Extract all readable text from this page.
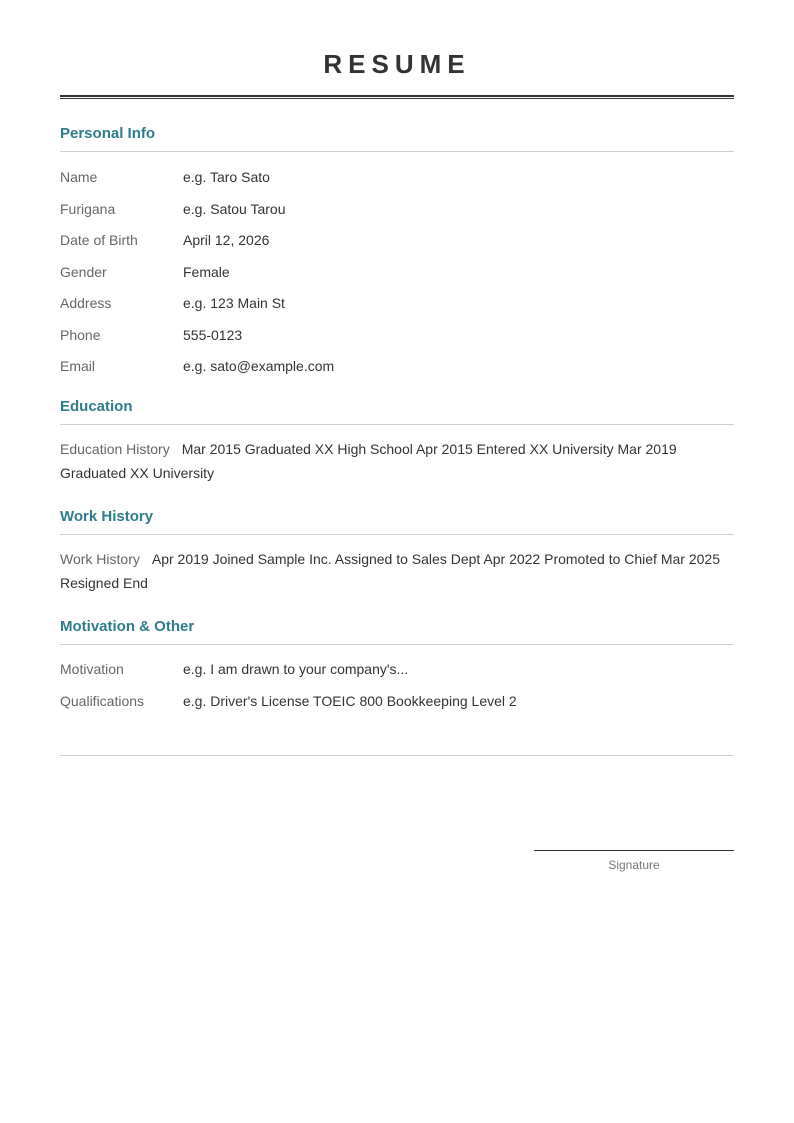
RESUME
Personal Info
Name	e.g. Taro Sato
Furigana	e.g. Satou Tarou
Date of Birth	April 12, 2026
Gender	Female
Address	e.g. 123 Main St
Phone	555-0123
Email	e.g. sato@example.com
Education
Education History Mar 2015 Graduated XX High School Apr 2015 Entered XX University Mar 2019 Graduated XX University
Work History
Work History Apr 2019 Joined Sample Inc. Assigned to Sales Dept Apr 2022 Promoted to Chief Mar 2025 Resigned End
Motivation & Other
Motivation	e.g. I am drawn to your company's...
Qualifications	e.g. Driver's License TOEIC 800 Bookkeeping Level 2
Signature
